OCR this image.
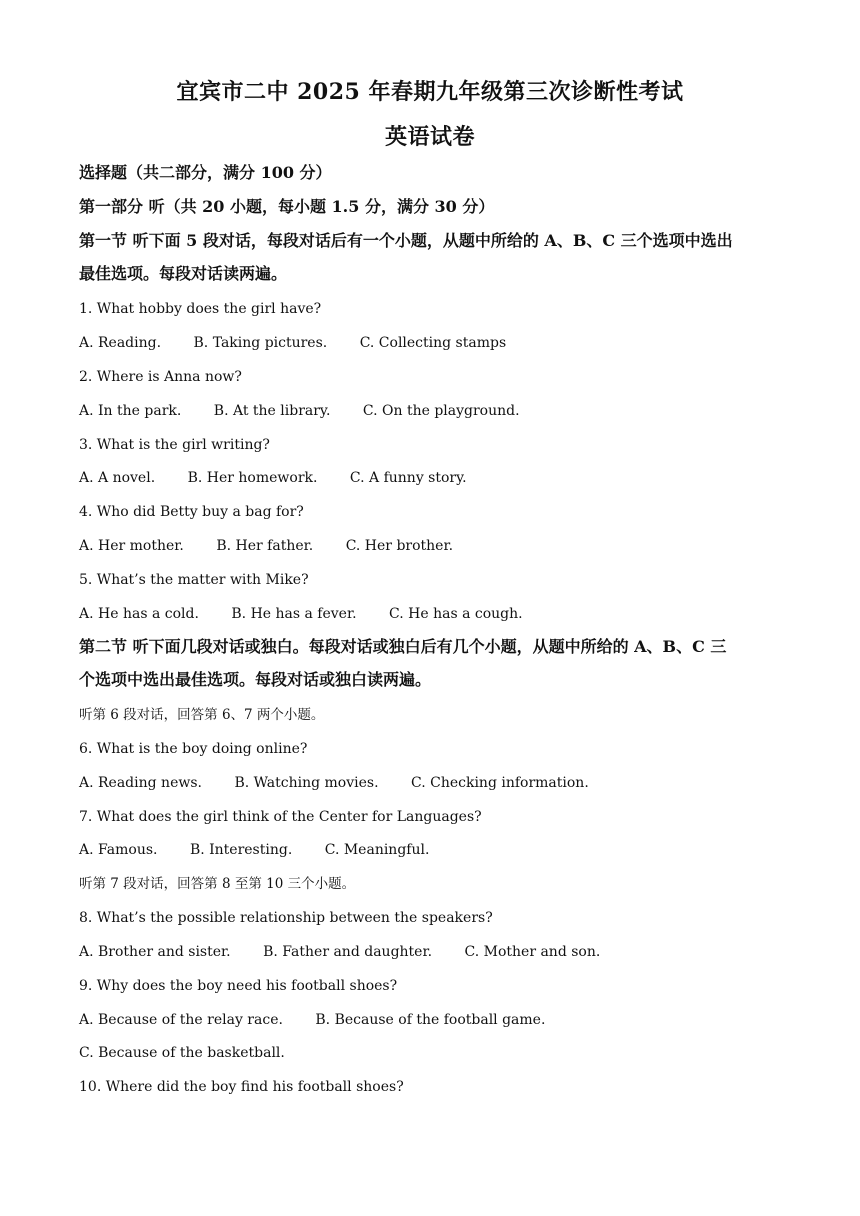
宜宾市二中 2025 年春期九年级第三次诊断性考试
英语试卷
选择题（共二部分，满分 100 分）
第一部分 听（共 20 小题，每小题 1.5 分，满分 30 分）
第一节 听下面 5 段对话，每段对话后有一个小题，从题中所给的 A、B、C 三个选项中选出
最佳选项。每段对话读两遍。
1. What hobby does the girl have?
A. Reading. B. Taking pictures. C. Collecting stamps
2. Where is Anna now?
A. In the park. B. At the library. C. On the playground.
3. What is the girl writing?
A. A novel. B. Her homework. C. A funny story.
4. Who did Betty buy a bag for?
A. Her mother. B. Her father. C. Her brother.
5. What’s the matter with Mike?
A. He has a cold. B. He has a fever. C. He has a cough.
第二节 听下面几段对话或独白。每段对话或独白后有几个小题，从题中所给的 A、B、C 三
个选项中选出最佳选项。每段对话或独白读两遍。
听第 6 段对话，回答第 6、7 两个小题。
6. What is the boy doing online?
A. Reading news. B. Watching movies. C. Checking information.
7. What does the girl think of the Center for Languages?
A. Famous. B. Interesting. C. Meaningful.
听第 7 段对话，回答第 8 至第 10 三个小题。
8. What’s the possible relationship between the speakers?
A. Brother and sister. B. Father and daughter. C. Mother and son.
9. Why does the boy need his football shoes?
A. Because of the relay race. B. Because of the football game.
C. Because of the basketball.
10. Where did the boy find his football shoes?
